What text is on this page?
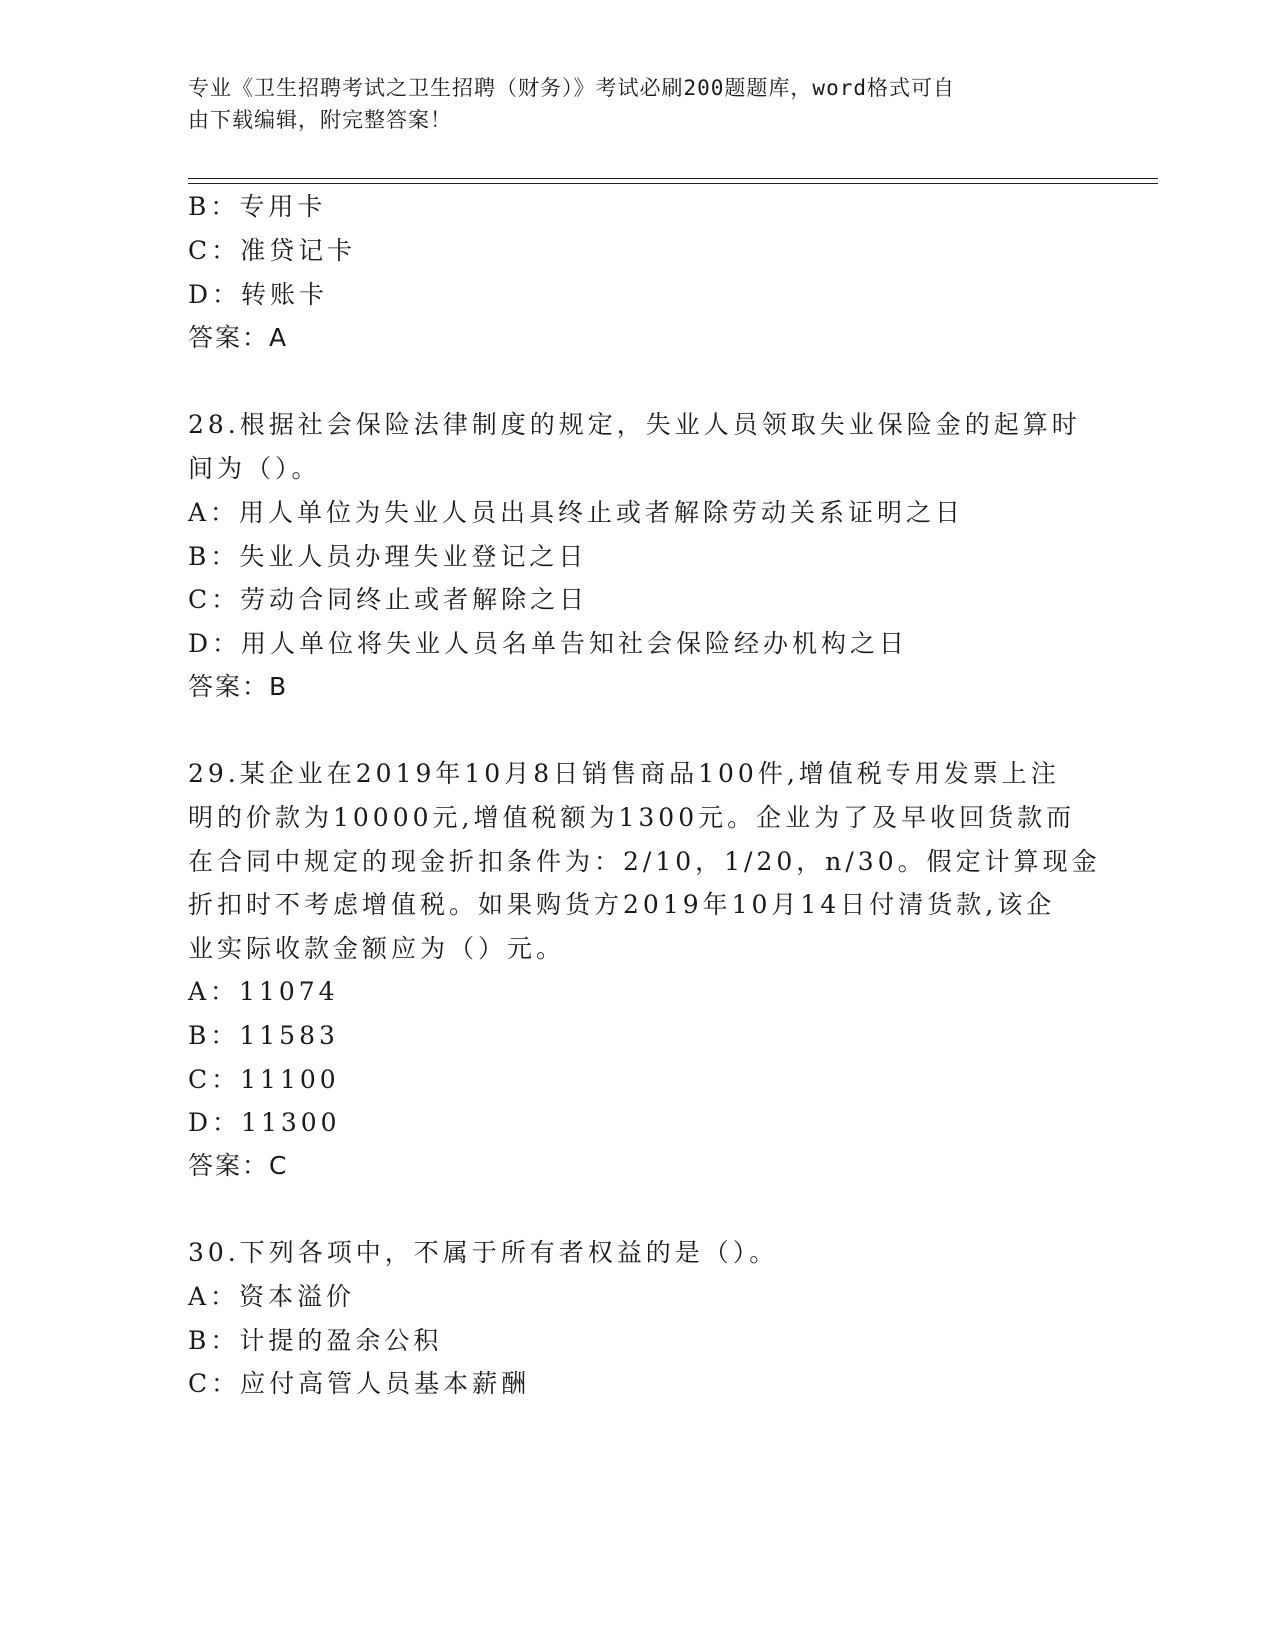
专业《卫生招聘考试之卫生招聘（财务）》考试必刷200题题库，word格式可自
由下载编辑，附完整答案！
B：专用卡
C：准贷记卡
D：转账卡
答案：A
28.根据社会保险法律制度的规定，失业人员领取失业保险金的起算时
间为（）。
A：用人单位为失业人员出具终止或者解除劳动关系证明之日
B：失业人员办理失业登记之日
C：劳动合同终止或者解除之日
D：用人单位将失业人员名单告知社会保险经办机构之日
答案：B
29.某企业在2019年10月8日销售商品100件,增值税专用发票上注
明的价款为10000元,增值税额为1300元。企业为了及早收回货款而
在合同中规定的现金折扣条件为：2/10，1/20，n/30。假定计算现金
折扣时不考虑增值税。如果购货方2019年10月14日付清货款,该企
业实际收款金额应为（）元。
A：11074
B：11583
C：11100
D：11300
答案：C
30.下列各项中，不属于所有者权益的是（）。
A：资本溢价
B：计提的盈余公积
C：应付高管人员基本薪酬
